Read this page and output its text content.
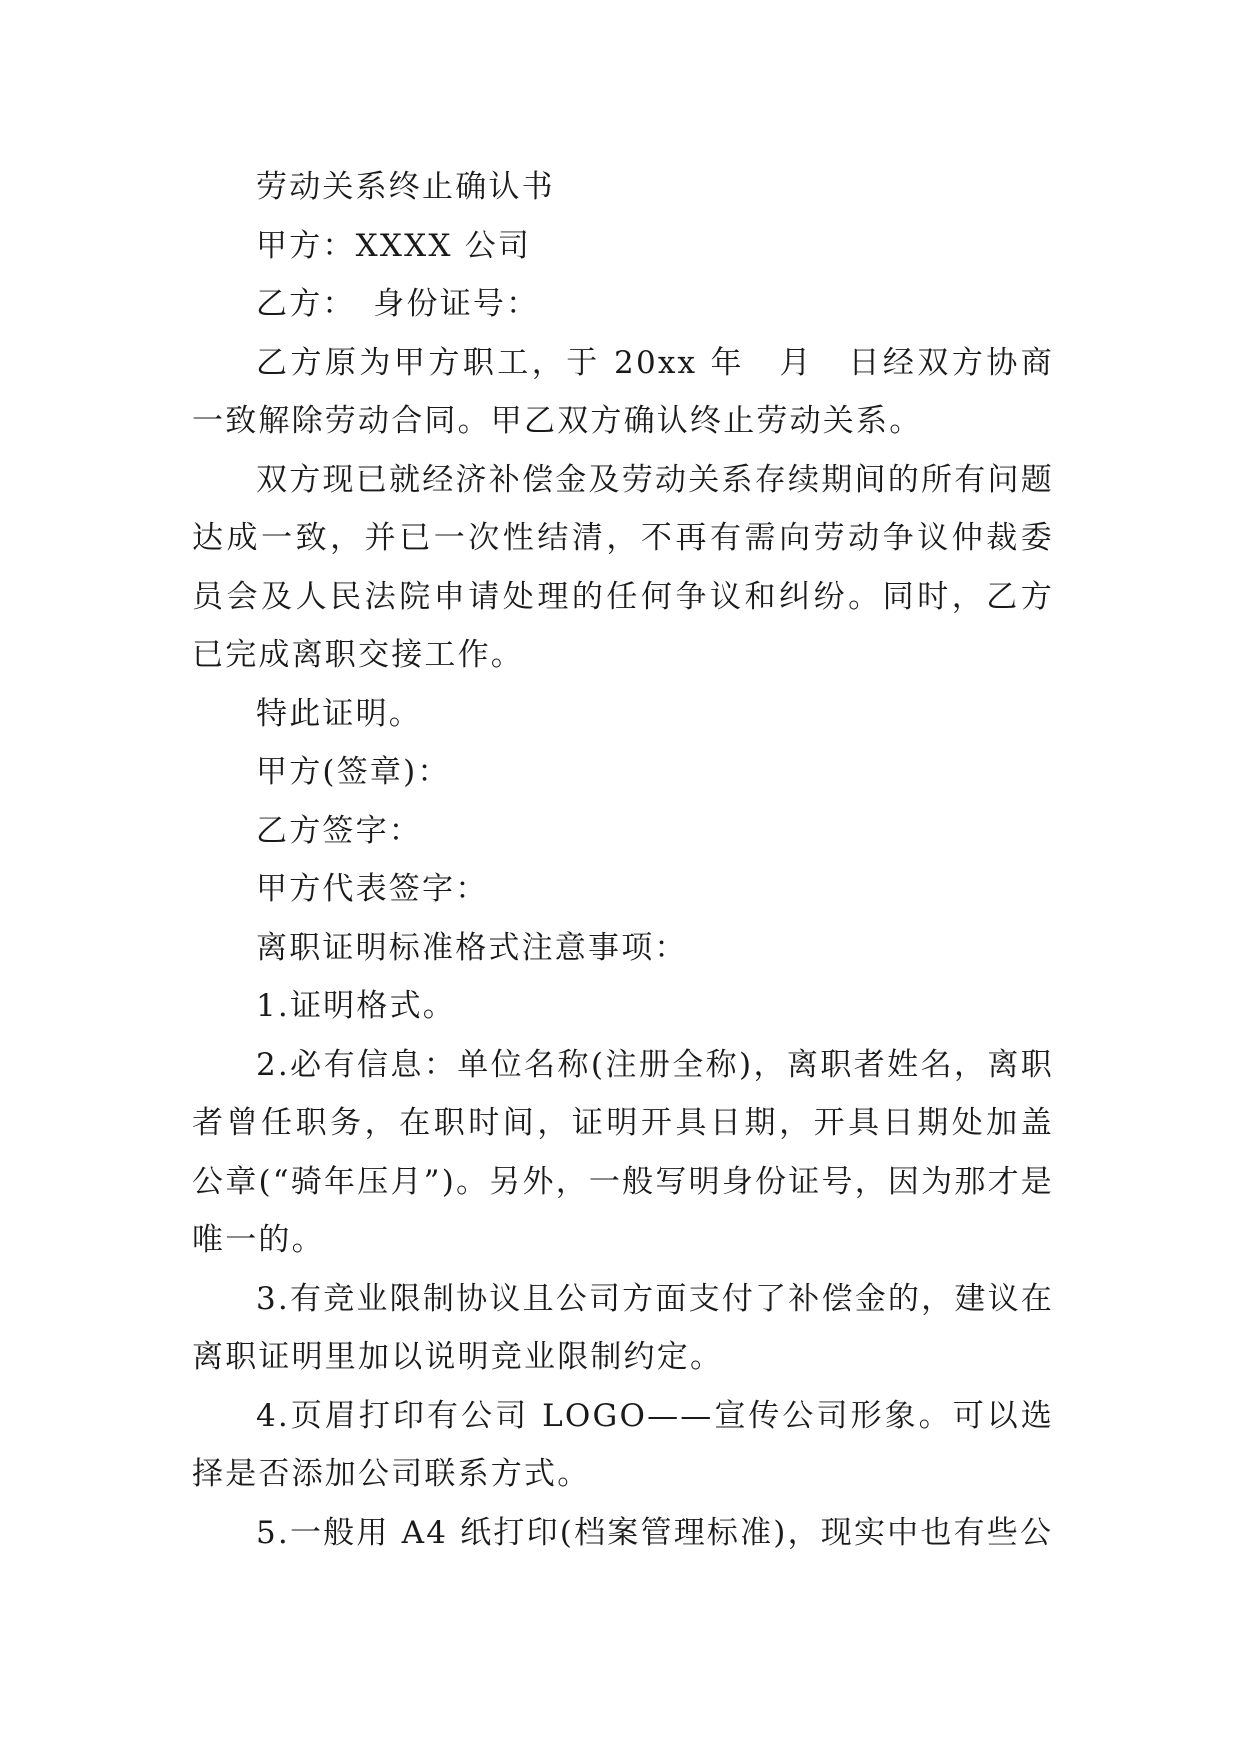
劳动关系终止确认书

甲方：XXXX 公司

乙方：　身份证号：

乙方原为甲方职工，于 20xx 年　月　日经双方协商一致解除劳动合同。甲乙双方确认终止劳动关系。

双方现已就经济补偿金及劳动关系存续期间的所有问题达成一致，并已一次性结清，不再有需向劳动争议仲裁委员会及人民法院申请处理的任何争议和纠纷。同时，乙方已完成离职交接工作。

特此证明。

甲方(签章)：

乙方签字：

甲方代表签字：

离职证明标准格式注意事项：

1.证明格式。

2.必有信息：单位名称(注册全称)，离职者姓名，离职者曾任职务，在职时间，证明开具日期，开具日期处加盖公章(“骑年压月”)。另外，一般写明身份证号，因为那才是唯一的。

3.有竞业限制协议且公司方面支付了补偿金的，建议在离职证明里加以说明竞业限制约定。

4.页眉打印有公司 LOGO——宣传公司形象。可以选择是否添加公司联系方式。

5.一般用 A4 纸打印(档案管理标准)，现实中也有些公
